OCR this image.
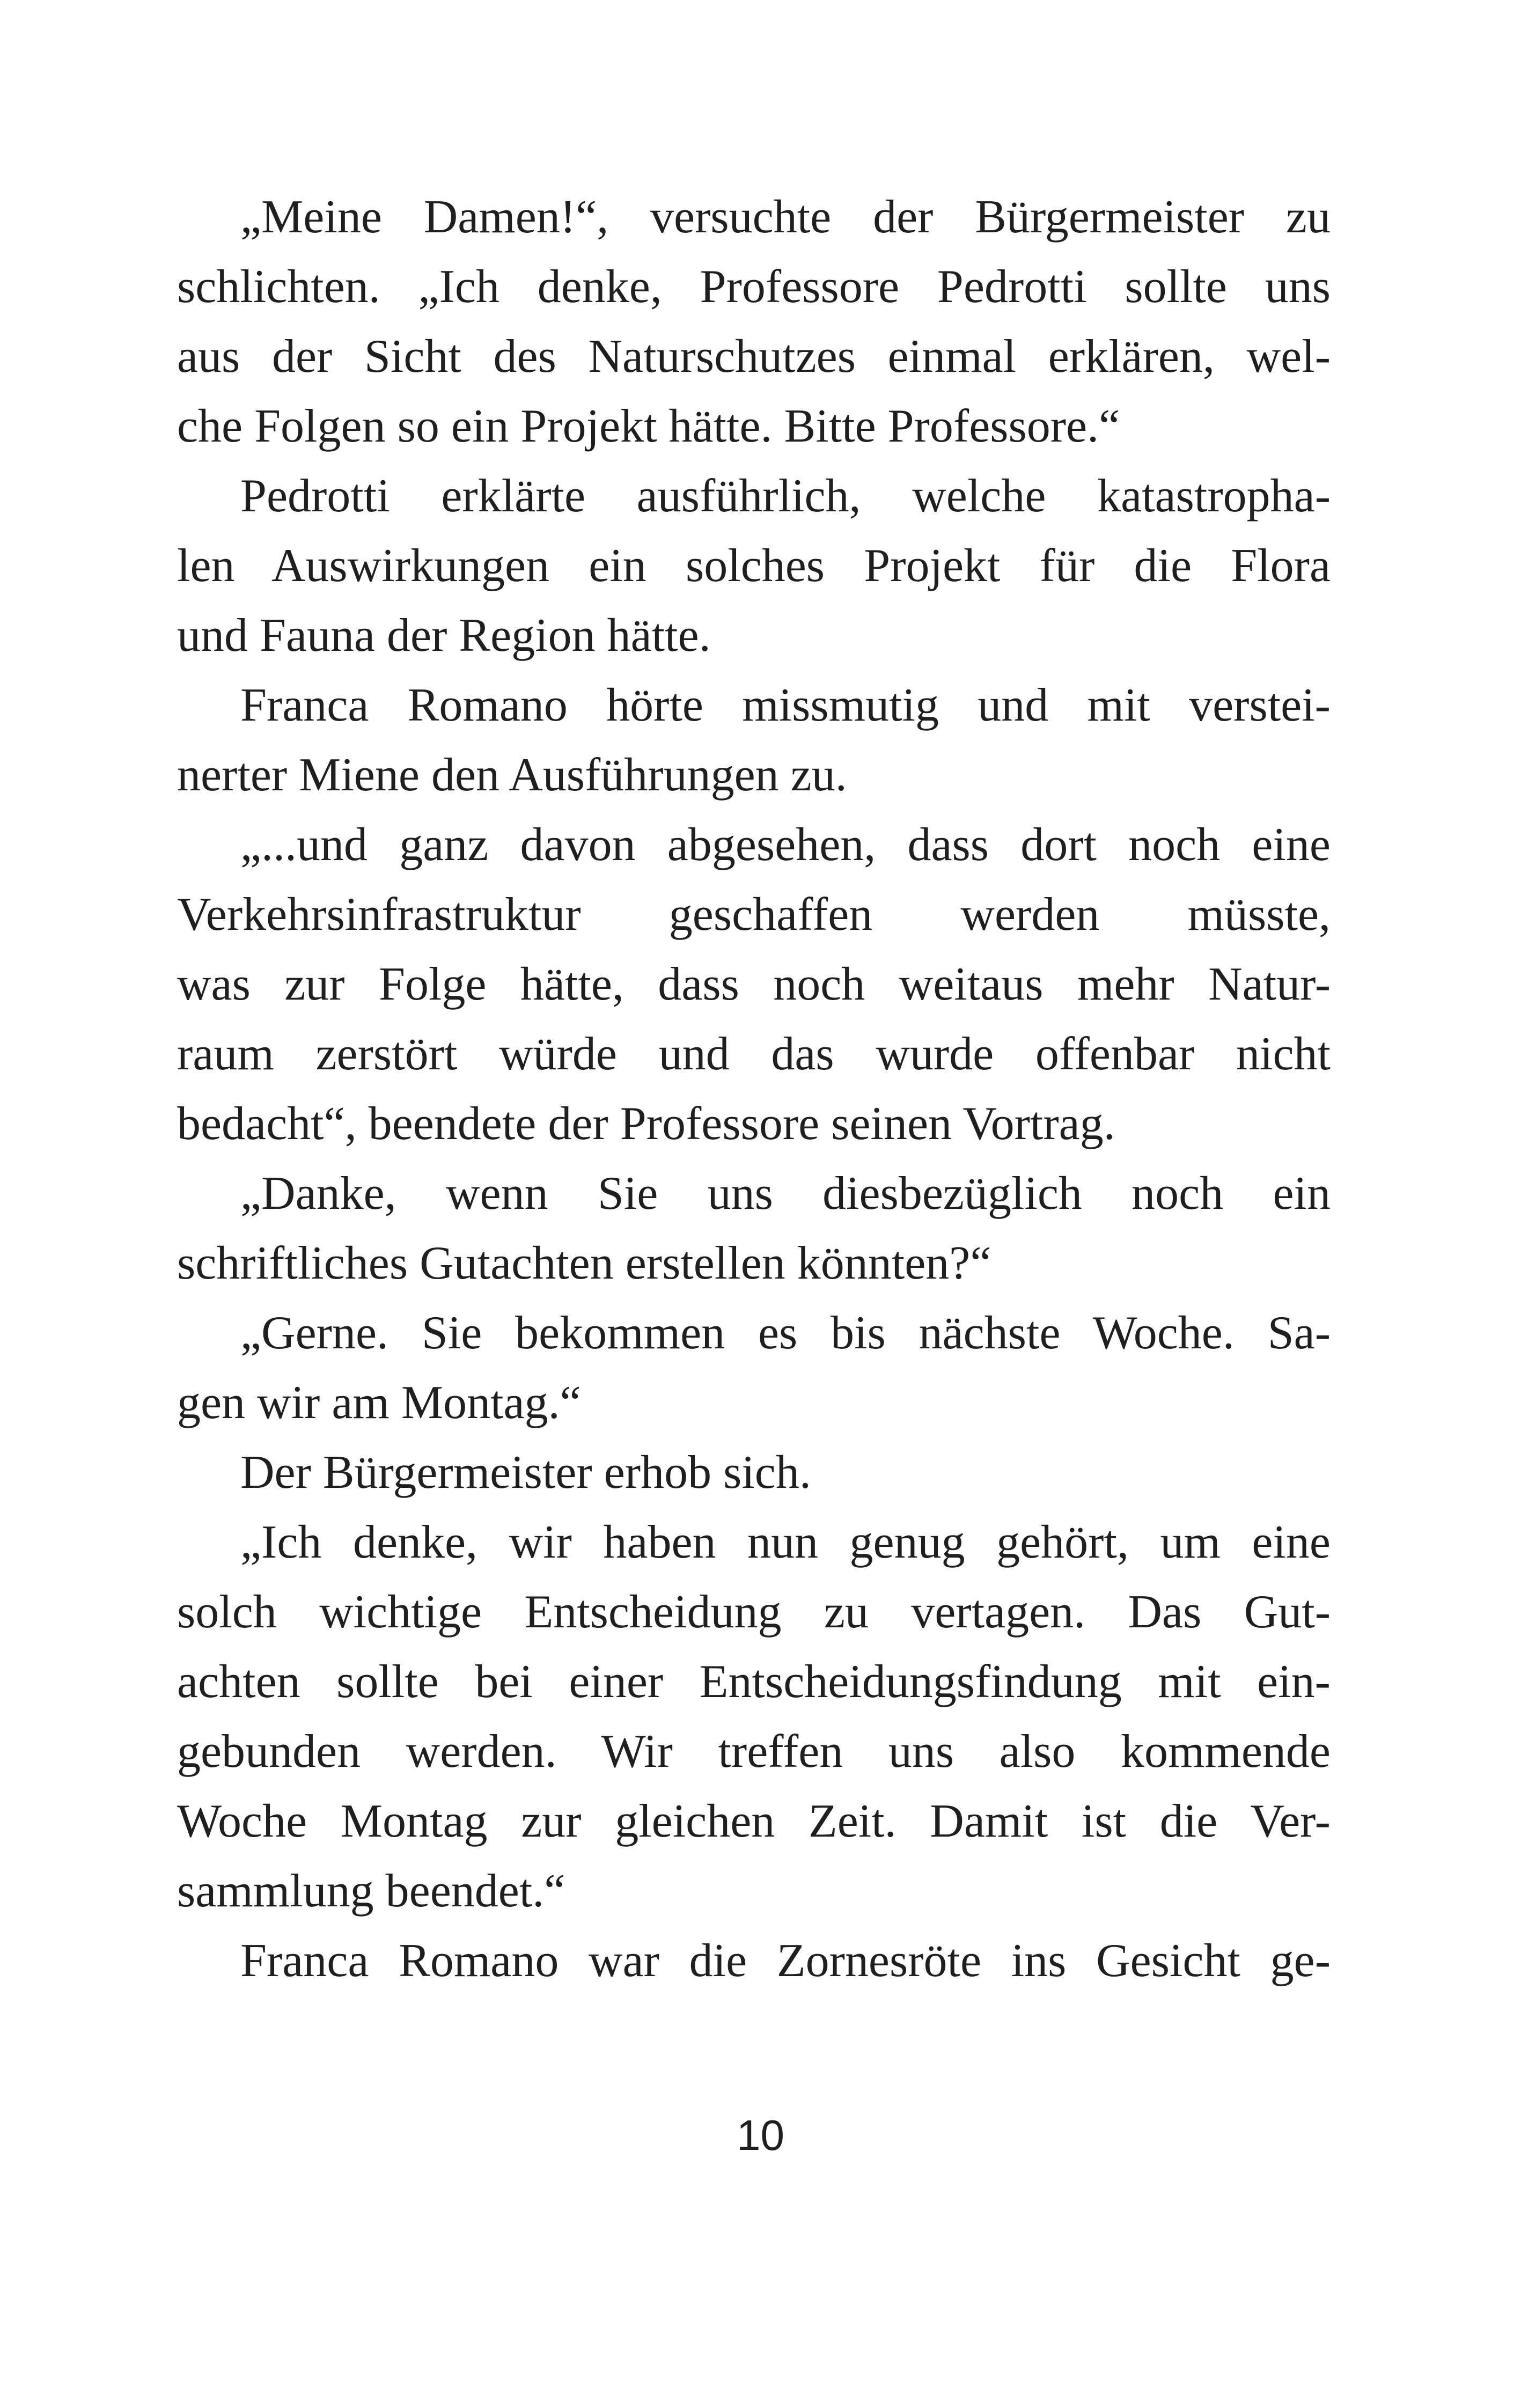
„Meine Damen!“, versuchte der Bürgermeister zu
schlichten. „Ich denke, Professore Pedrotti sollte uns
aus der Sicht des Naturschutzes einmal erklären, wel-
che Folgen so ein Projekt hätte. Bitte Professore.“
Pedrotti erklärte ausführlich, welche katastropha-
len Auswirkungen ein solches Projekt für die Flora
und Fauna der Region hätte.
Franca Romano hörte missmutig und mit verstei-
nerter Miene den Ausführungen zu.
„...und ganz davon abgesehen, dass dort noch eine
Verkehrsinfrastruktur geschaffen werden müsste,
was zur Folge hätte, dass noch weitaus mehr Natur-
raum zerstört würde und das wurde offenbar nicht
bedacht“, beendete der Professore seinen Vortrag.
„Danke, wenn Sie uns diesbezüglich noch ein
schriftliches Gutachten erstellen könnten?“
„Gerne. Sie bekommen es bis nächste Woche. Sa-
gen wir am Montag.“
Der Bürgermeister erhob sich.
„Ich denke, wir haben nun genug gehört, um eine
solch wichtige Entscheidung zu vertagen. Das Gut-
achten sollte bei einer Entscheidungsfindung mit ein-
gebunden werden. Wir treffen uns also kommende
Woche Montag zur gleichen Zeit. Damit ist die Ver-
sammlung beendet.“
Franca Romano war die Zornesröte ins Gesicht ge-
10
